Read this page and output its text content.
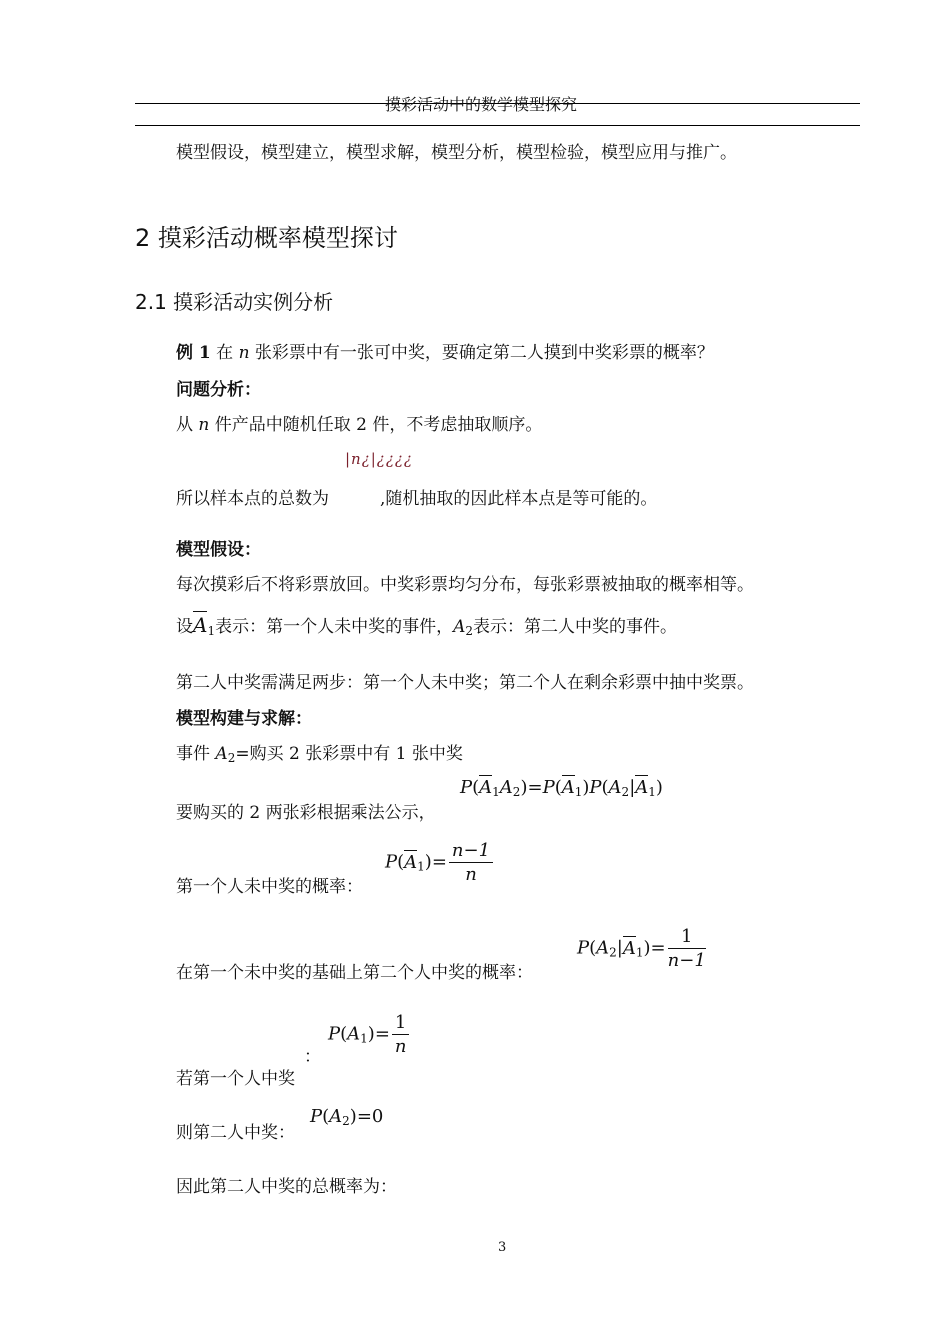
摸彩活动中的数学模型探究
模型假设，模型建立，模型求解，模型分析，模型检验，模型应用与推广。
2 摸彩活动概率模型探讨
2.1 摸彩活动实例分析
例 1 在 n 张彩票中有一张可中奖，要确定第二人摸到中奖彩票的概率？
问题分析：
从 n 件产品中随机任取 2 件，不考虑抽取顺序。
|n¿|¿¿¿¿
所以样本点的总数为	,随机抽取的因此样本点是等可能的。
模型假设：
每次摸彩后不将彩票放回。中奖彩票均匀分布，每张彩票被抽取的概率相等。
设$A_1$表示：第一个人未中奖的事件，$A_2$表示：第二人中奖的事件。
第二人中奖需满足两步：第一个人未中奖；第二个人在剩余彩票中抽中奖票。
模型构建与求解：
事件 $A_2=$购买 2 张彩票中有 1 张中奖
要购买的 2 两张彩根据乘法公示，
$P(A_1A_2)=P(A_1)P(A_2|A_1)$
第一个人未中奖的概率：
$P(A_1)= \frac{n-1}{n}$
在第一个未中奖的基础上第二个人中奖的概率：
$P(A_2|A_1)= \frac{1}{n-1}$
：
$P(A_1)= \frac{1}{n}$
若第一个人中奖
则第二人中奖：
$P(A_2)=0$
因此第二人中奖的总概率为：
3
